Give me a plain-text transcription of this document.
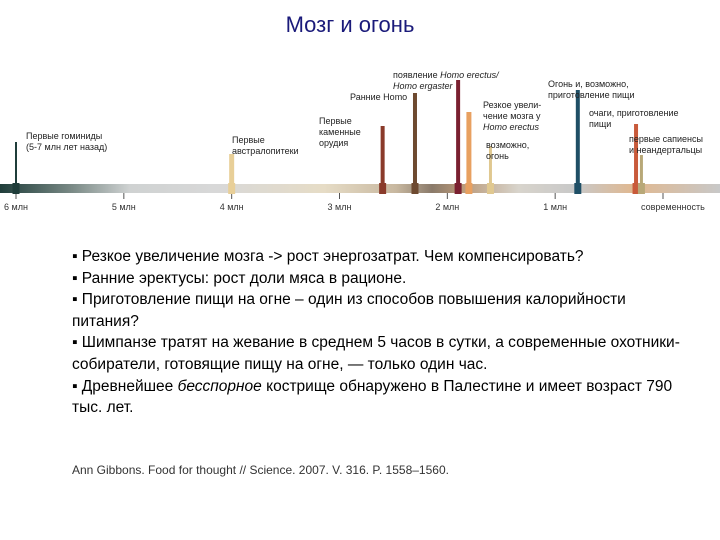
Мозг и огонь
6 млн	5 млн	4 млн	3 млн	2 млн	1 млн	современность
Первые гоминиды (5-7 млн лет назад)
Первые австралопитеки
Первые каменные орудия
Ранние Homo
появление Homo erectus/ Homo ergaster
Резкое увели-чение мозга у Homo erectus
возможно, огонь
Огонь и, возможно, приготовление пищи
очаги, приготовление пищи
первые сапиенсы и неандертальцы

▪ Резкое увеличение мозга -> рост энергозатрат. Чем компенсировать?

▪ Ранние эректусы: рост доли мяса в рационе.

▪ Приготовление пищи на огне – один из способов повышения калорийности питания?

▪ Шимпанзе тратят на жевание в среднем 5 часов в сутки, а современные охотники-собиратели, готовящие пищу на огне, — только один час.

▪ Древнейшее бесспорное кострище обнаружено в Палестине и имеет возраст 790 тыс. лет.

Ann Gibbons. Food for thought // Science. 2007. V. 316. P. 1558–1560.
